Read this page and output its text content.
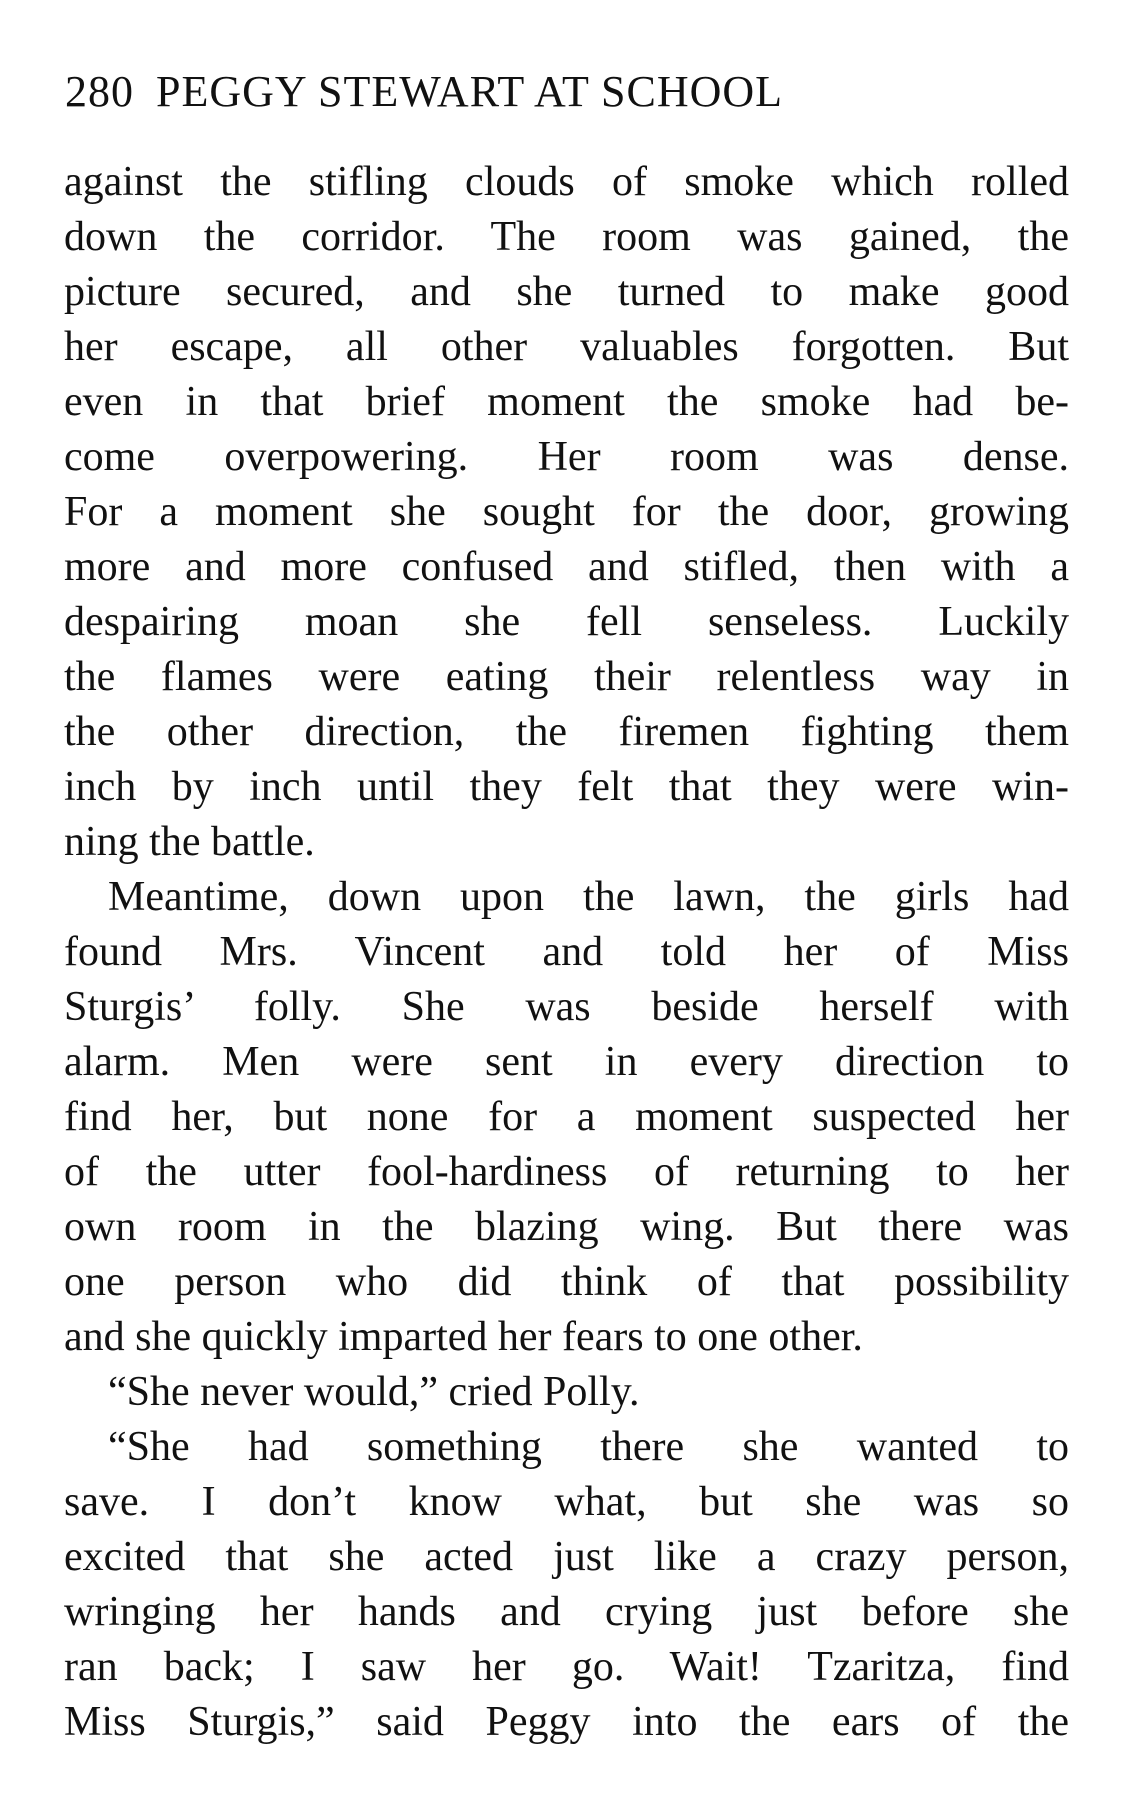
280 PEGGY STEWART AT SCHOOL
against the stifling clouds of smoke which rolled
down the corridor. The room was gained, the
picture secured, and she turned to make good
her escape, all other valuables forgotten. But
even in that brief moment the smoke had be-
come overpowering. Her room was dense.
For a moment she sought for the door, growing
more and more confused and stifled, then with a
despairing moan she fell senseless. Luckily
the flames were eating their relentless way in
the other direction, the firemen fighting them
inch by inch until they felt that they were win-
ning the battle.
Meantime, down upon the lawn, the girls had
found Mrs. Vincent and told her of Miss
Sturgis’ folly. She was beside herself with
alarm. Men were sent in every direction to
find her, but none for a moment suspected her
of the utter fool-hardiness of returning to her
own room in the blazing wing. But there was
one person who did think of that possibility
and she quickly imparted her fears to one other.
“She never would,” cried Polly.
“She had something there she wanted to
save. I don’t know what, but she was so
excited that she acted just like a crazy person,
wringing her hands and crying just before she
ran back; I saw her go. Wait! Tzaritza, find
Miss Sturgis,” said Peggy into the ears of the
